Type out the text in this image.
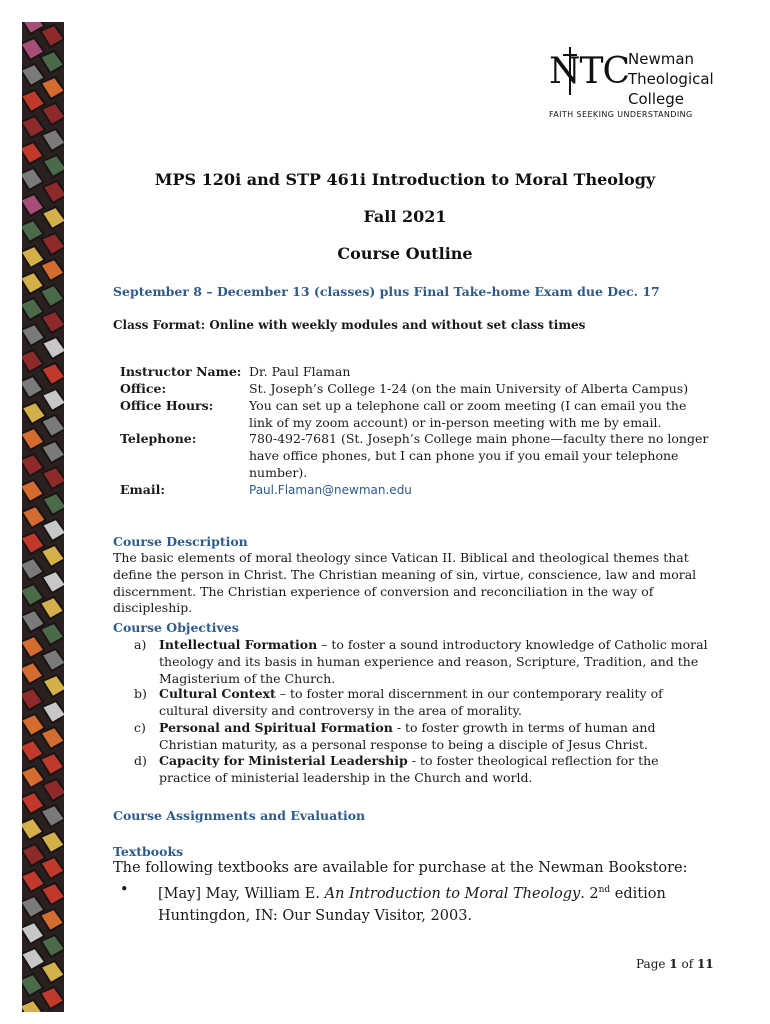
NTC
Newman
Theological
College
FAITH SEEKING UNDERSTANDING
MPS 120i and STP 461i Introduction to Moral Theology
Fall 2021
Course Outline
September 8 – December 13 (classes) plus Final Take-home Exam due Dec. 17
Class Format: Online with weekly modules and without set class times
Instructor Name: Dr. Paul Flaman
Office:	St. Joseph’s College 1-24 (on the main University of Alberta Campus)
Office Hours:	You can set up a telephone call or zoom meeting (I can email you the link of my zoom account) or in-person meeting with me by email.
Telephone:	780-492-7681 (St. Joseph’s College main phone—faculty there no longer have office phones, but I can phone you if you email your telephone number).
Email:	Paul.Flaman@newman.edu
Course Description
The basic elements of moral theology since Vatican II. Biblical and theological themes that define the person in Christ. The Christian meaning of sin, virtue, conscience, law and moral discernment. The Christian experience of conversion and reconciliation in the way of discipleship.
Course Objectives
a) Intellectual Formation – to foster a sound introductory knowledge of Catholic moral theology and its basis in human experience and reason, Scripture, Tradition, and the Magisterium of the Church.
b) Cultural Context – to foster moral discernment in our contemporary reality of cultural diversity and controversy in the area of morality.
c) Personal and Spiritual Formation - to foster growth in terms of human and Christian maturity, as a personal response to being a disciple of Jesus Christ.
d) Capacity for Ministerial Leadership - to foster theological reflection for the practice of ministerial leadership in the Church and world.
Course Assignments and Evaluation
Textbooks
The following textbooks are available for purchase at the Newman Bookstore:
• [May] May, William E. An Introduction to Moral Theology. 2nd edition Huntingdon, IN: Our Sunday Visitor, 2003.
Page 1 of 11
